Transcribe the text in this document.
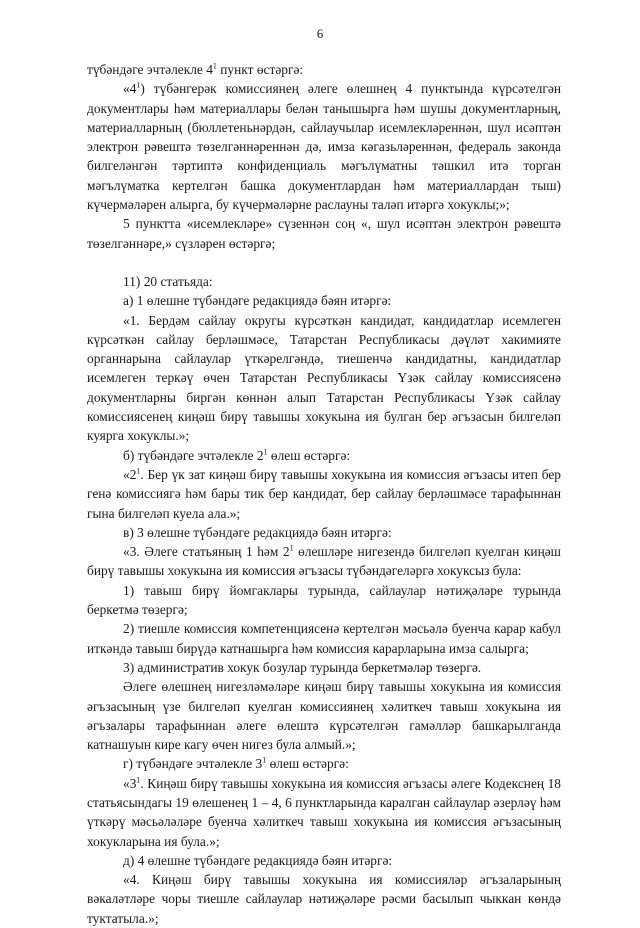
6

түбәндәге эчтәлекле $4^1$ пункт өстәргә:

«$4^1$) түбәнгерәк комиссиянең әлеге өлешнең 4 пунктында күрсәтелгән документлары һәм материаллары белән танышырга һәм шушы документларның, материалларның (бюллетеньнәрдән, сайлаучылар исемлекләреннән, шул исәптән электрон рәвештә төзелгәннәреннән дә, имза кәгазьләреннән, федераль законда билгеләнгән тәртиптә конфиденциаль мәгълүматны тәшкил итә торган мәгълүматка кертелгән башка документлардан һәм материаллардан тыш) күчермәләрен алырга, бу күчермәләрне раслауны таләп итәргә хокуклы;»;

5 пунктта «исемлекләре» сүзеннән соң «, шул исәптән электрон рәвештә төзелгәннәре,» сүзләрен өстәргә;

11) 20 статьяда:

а) 1 өлешне түбәндәге редакциядә бәян итәргә:

«1. Бердәм сайлау округы күрсәткән кандидат, кандидатлар исемлеген күрсәткән сайлау берләшмәсе, Татарстан Республикасы дәүләт хакимияте органнарына сайлаулар үткәрелгәндә, тиешенчә кандидатны, кандидатлар исемлеген теркәү өчен Татарстан Республикасы Үзәк сайлау комиссиясенә документларны биргән көннән алып Татарстан Республикасы Үзәк сайлау комиссиясенең киңәш бирү тавышы хокукына ия булган бер әгъзасын билгеләп куярга хокуклы.»;

б) түбәндәге эчтәлекле $2^1$ өлеш өстәргә:

«$2^1$. Бер үк зат киңәш бирү тавышы хокукына ия комиссия әгъзасы итеп бер генә комиссиягә һәм бары тик бер кандидат, бер сайлау берләшмәсе тарафыннан гына билгеләп куела ала.»;

в) 3 өлешне түбәндәге редакциядә бәян итәргә:

«3. Әлеге статьяның 1 һәм $2^1$ өлешләре нигезендә билгеләп куелган киңәш бирү тавышы хокукына ия комиссия әгъзасы түбәндәгеләргә хокуксыз була:

1) тавыш бирү йомгаклары турында, сайлаулар нәтиҗәләре турында беркетмә төзергә;

2) тиешле комиссия компетенциясенә кертелгән мәсьәлә буенча карар кабул иткәндә тавыш бирүдә катнашырга һәм комиссия карарларына имза салырга;

3) административ хокук бозулар турында беркетмәләр төзергә.

Әлеге өлешнең нигезләмәләре киңәш бирү тавышы хокукына ия комиссия әгъзасының үзе билгеләп куелган комиссиянең хәлиткеч тавыш хокукына ия әгъзалары тарафыннан әлеге өлештә күрсәтелгән гамәлләр башкарылганда катнашуын кире кагу өчен нигез була алмый.»;

г) түбәндәге эчтәлекле $3^1$ өлеш өстәргә:

«$3^1$. Киңәш бирү тавышы хокукына ия комиссия әгъзасы әлеге Кодекснең 18 статьясындагы 19 өлешенең 1 – 4, 6 пунктларында каралган сайлаулар әзерләү һәм үткәрү мәсьәләләре буенча хәлиткеч тавыш хокукына ия комиссия әгъзасының хокукларына ия була.»;

д) 4 өлешне түбәндәге редакциядә бәян итәргә:

«4. Киңәш бирү тавышы хокукына ия комиссияләр әгъзаларының вәкаләтләре чоры тиешле сайлаулар нәтиҗәләре рәсми басылып чыккан көндә туктатыла.»;
